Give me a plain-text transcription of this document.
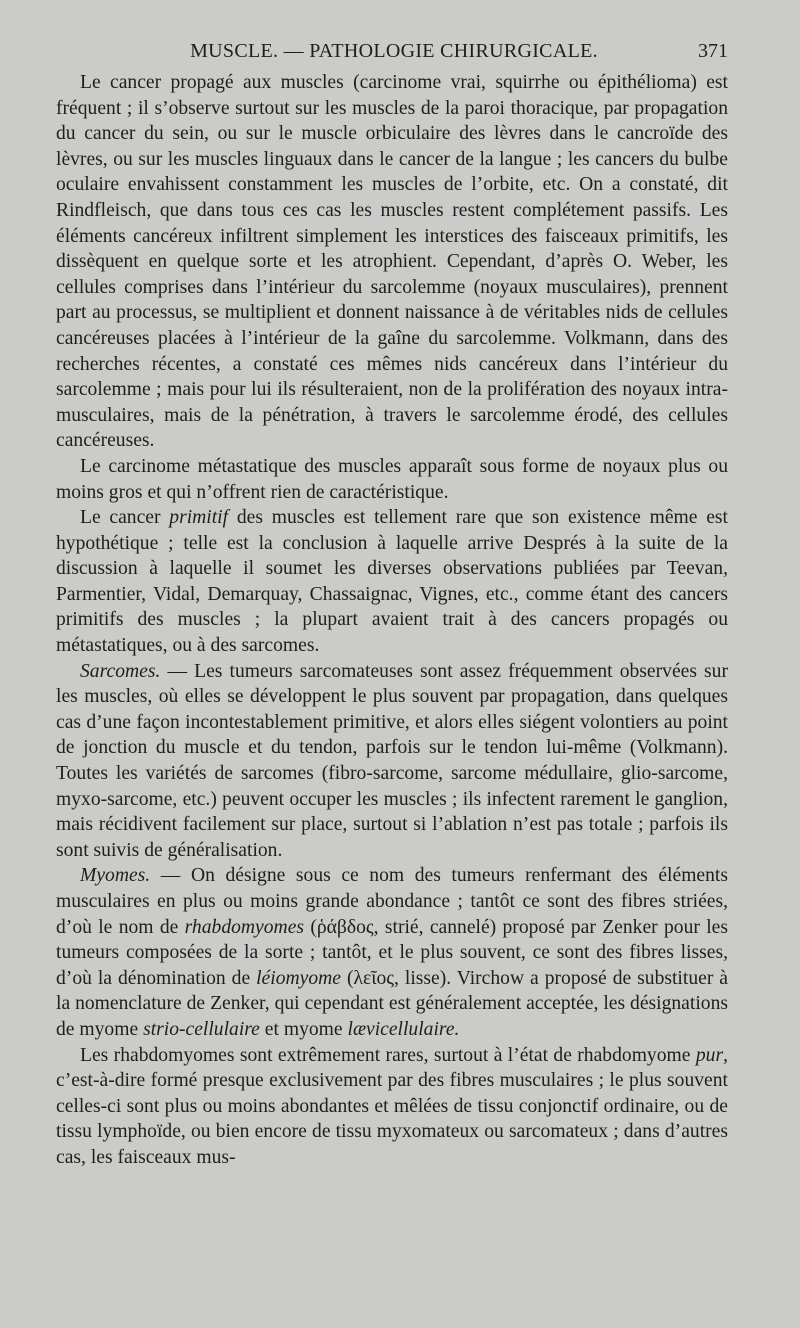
MUSCLE. — PATHOLOGIE CHIRURGICALE.	371

Le cancer propagé aux muscles (carcinome vrai, squirrhe ou épithélioma) est fréquent ; il s’observe surtout sur les muscles de la paroi thoracique, par propagation du cancer du sein, ou sur le muscle orbiculaire des lèvres dans le cancroïde des lèvres, ou sur les muscles linguaux dans le cancer de la langue ; les cancers du bulbe oculaire envahissent constamment les muscles de l’orbite, etc. On a constaté, dit Rindfleisch, que dans tous ces cas les muscles restent complétement passifs. Les éléments cancéreux infiltrent simplement les interstices des faisceaux primitifs, les dissèquent en quelque sorte et les atrophient. Cependant, d’après O. Weber, les cellules comprises dans l’intérieur du sarcolemme (noyaux musculaires), prennent part au processus, se multiplient et donnent naissance à de véritables nids de cellules cancéreuses placées à l’intérieur de la gaîne du sarcolemme. Volkmann, dans des recherches récentes, a constaté ces mêmes nids cancéreux dans l’intérieur du sarcolemme ; mais pour lui ils résulteraient, non de la prolifération des noyaux intra-musculaires, mais de la pénétration, à travers le sarcolemme érodé, des cellules cancéreuses.

Le carcinome métastatique des muscles apparaît sous forme de noyaux plus ou moins gros et qui n’offrent rien de caractéristique.

Le cancer primitif des muscles est tellement rare que son existence même est hypothétique ; telle est la conclusion à laquelle arrive Després à la suite de la discussion à laquelle il soumet les diverses observations publiées par Teevan, Parmentier, Vidal, Demarquay, Chassaignac, Vignes, etc., comme étant des cancers primitifs des muscles ; la plupart avaient trait à des cancers propagés ou métastatiques, ou à des sarcomes.

Sarcomes. — Les tumeurs sarcomateuses sont assez fréquemment observées sur les muscles, où elles se développent le plus souvent par propagation, dans quelques cas d’une façon incontestablement primitive, et alors elles siégent volontiers au point de jonction du muscle et du tendon, parfois sur le tendon lui-même (Volkmann). Toutes les variétés de sarcomes (fibro-sarcome, sarcome médullaire, glio-sarcome, myxo-sarcome, etc.) peuvent occuper les muscles ; ils infectent rarement le ganglion, mais récidivent facilement sur place, surtout si l’ablation n’est pas totale ; parfois ils sont suivis de généralisation.

Myomes. — On désigne sous ce nom des tumeurs renfermant des éléments musculaires en plus ou moins grande abondance ; tantôt ce sont des fibres striées, d’où le nom de rhabdomyomes (ῥάβδος, strié, cannelé) proposé par Zenker pour les tumeurs composées de la sorte ; tantôt, et le plus souvent, ce sont des fibres lisses, d’où la dénomination de léiomyome (λεῖος, lisse). Virchow a proposé de substituer à la nomenclature de Zenker, qui cependant est généralement acceptée, les désignations de myome strio-cellulaire et myome lævicellulaire.

Les rhabdomyomes sont extrêmement rares, surtout à l’état de rhabdomyome pur, c’est-à-dire formé presque exclusivement par des fibres musculaires ; le plus souvent celles-ci sont plus ou moins abondantes et mêlées de tissu conjonctif ordinaire, ou de tissu lymphoïde, ou bien encore de tissu myxomateux ou sarcomateux ; dans d’autres cas, les faisceaux mus-
